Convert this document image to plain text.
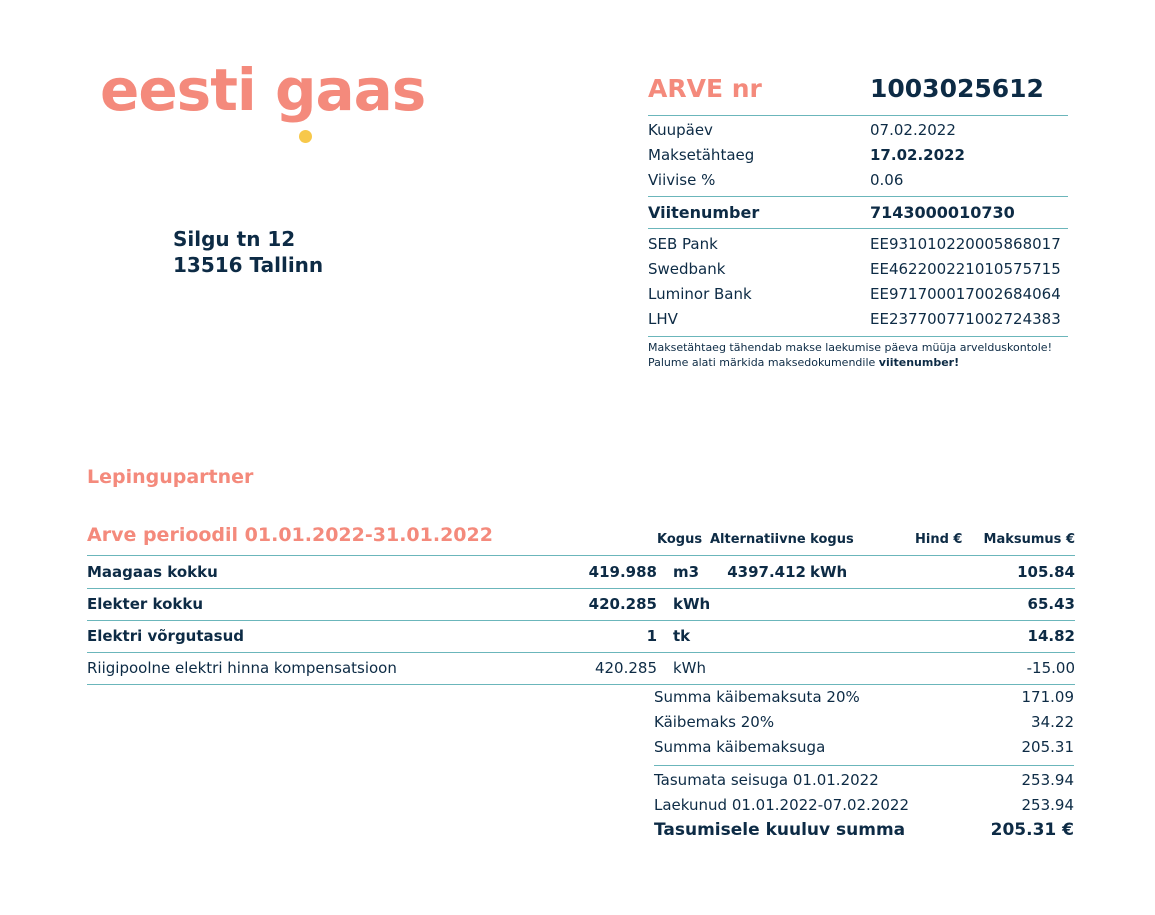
eesti gaas
Silgu tn 12
13516 Tallinn
ARVE nr	1003025612
Kuupäev	07.02.2022
Maksetähtaeg	17.02.2022
Viivise %	0.06
Viitenumber	7143000010730
SEB Pank	EE931010220005868017
Swedbank	EE462200221010575715
Luminor Bank	EE971700017002684064
LHV	EE237700771002724383
Maksetähtaeg tähendab makse laekumise päeva müüja arvelduskontole!
Palume alati märkida maksedokumendile viitenumber!
Lepingupartner
Arve perioodil 01.01.2022-31.01.2022	Kogus Alternatiivne kogus	Hind € Maksumus €
Maagaas kokku	419.988 m3 4397.412 kWh	105.84
Elekter kokku	420.285 kWh	65.43
Elektri võrgutasud	1 tk	14.82
Riigipoolne elektri hinna kompensatsioon	420.285 kWh	-15.00
Summa käibemaksuta 20%	171.09
Käibemaks 20%	34.22
Summa käibemaksuga	205.31
Tasumata seisuga 01.01.2022	253.94
Laekunud 01.01.2022-07.02.2022	253.94
Tasumisele kuuluv summa	205.31 €
